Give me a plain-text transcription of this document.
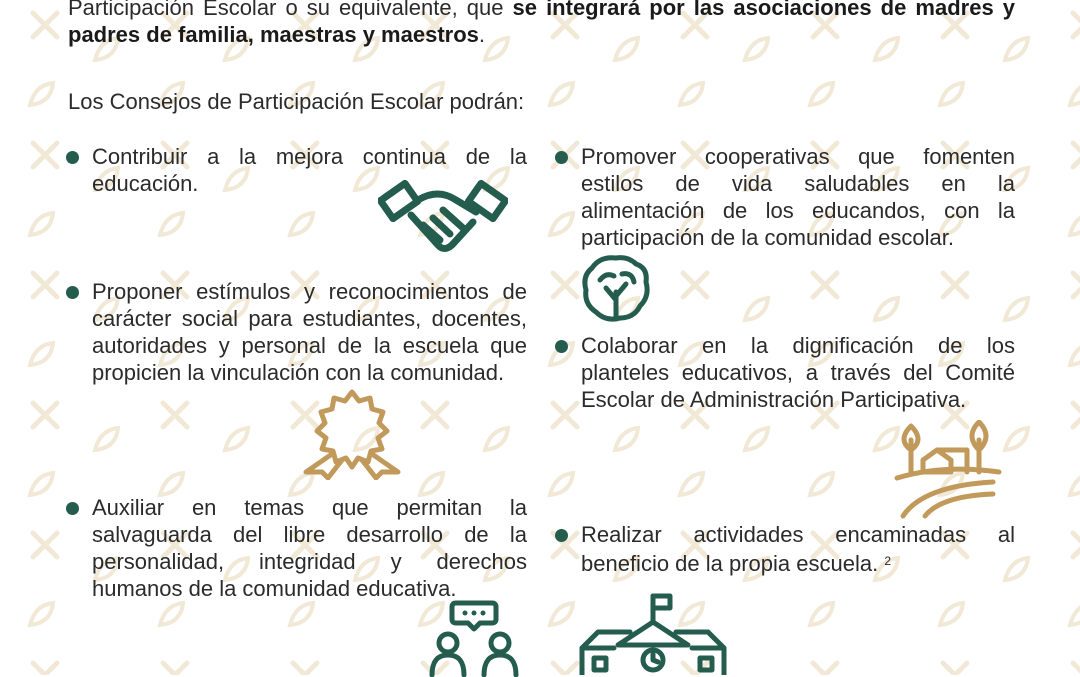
Participación Escolar o su equivalente, que se integrará por las asociaciones de madres y padres de familia, maestras y maestros.

Los Consejos de Participación Escolar podrán:

Contribuir a la mejora continua de la educación.

Proponer estímulos y reconocimientos de carácter social para estudiantes, docentes, autoridades y personal de la escuela que propicien la vinculación con la comunidad.

Auxiliar en temas que permitan la salvaguarda del libre desarrollo de la personalidad, integridad y derechos humanos de la comunidad educativa.

Promover cooperativas que fomenten estilos de vida saludables en la alimentación de los educandos, con la participación de la comunidad escolar.

Colaborar en la dignificación de los planteles educativos, a través del Comité Escolar de Administración Participativa.

Realizar actividades encaminadas al beneficio de la propia escuela. $^2$
